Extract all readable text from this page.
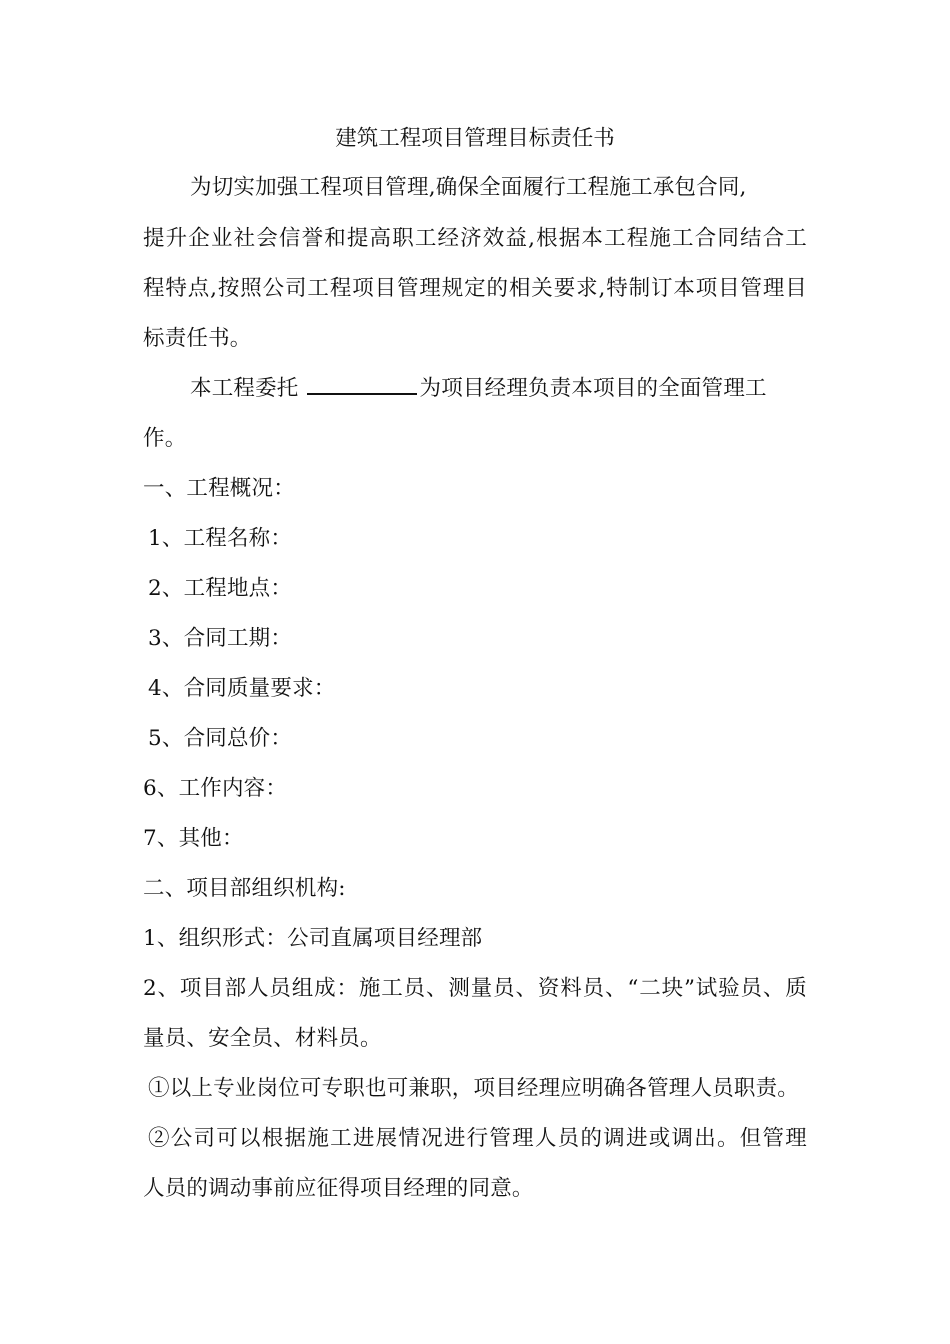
建筑工程项目管理目标责任书
为切实加强工程项目管理,确保全面履行工程施工承包合同,
提升企业社会信誉和提高职工经济效益,根据本工程施工合同结合工
程特点,按照公司工程项目管理规定的相关要求,特制订本项目管理目
标责任书。
本工程委托	为项目经理负责本项目的全面管理工
作。
一、工程概况：
1、工程名称：
2、工程地点：
3、合同工期：
4、合同质量要求：
5、合同总价：
6、工作内容：
7、其他：
二、项目部组织机构:
1、组织形式：公司直属项目经理部
2、项目部人员组成：施工员、测量员、资料员、“二块”试验员、质
量员、安全员、材料员。
①以上专业岗位可专职也可兼职，项目经理应明确各管理人员职责。
②公司可以根据施工进展情况进行管理人员的调进或调出。但管理
人员的调动事前应征得项目经理的同意。
